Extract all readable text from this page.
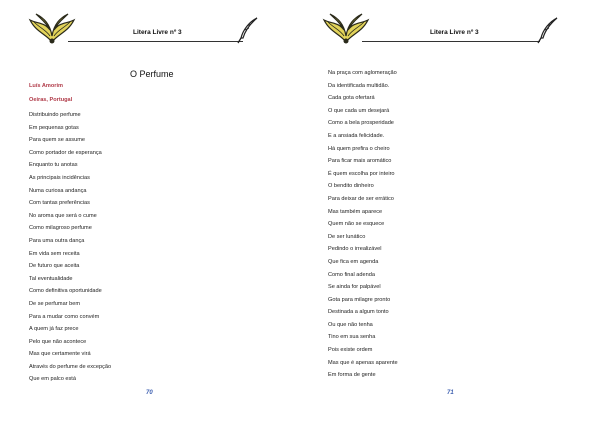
Litera Livre nº 3
O Perfume
Luís Amorim
Oeiras, Portugal
Distribuindo perfume
Em pequenas gotas
Para quem se assume
Como portador de esperança
Enquanto tu anotas
As principais incidências
Numa curiosa andança
Com tantas preferências
No aroma que será o cume
Como milagroso perfume
Para uma outra dança
Em vida sem receita
De futuro que aceita
Tal eventualidade
Como definitiva oportunidade
De se perfumar bem
Para a mudar como convém
A quem já faz prece
Pelo que não acontece
Mas que certamente virá
Através do perfume de excepção
Que em palco está
70
Litera Livre nº 3
Na praça com aglomeração
Da identificada multidão.
Cada gota ofertará
O que cada um desejará
Como a bela prosperidade
E a ansiada felicidade.
Há quem prefira o cheiro
Para ficar mais aromático
É quem escolha por inteiro
O bendito dinheiro
Para deixar de ser errático
Mas também aparece
Quem não se esquece
De ser lunático
Pedindo o irrealizável
Que fica em agenda
Como final adenda
Se ainda for palpável
Gota para milagre pronto
Destinada a algum tonto
Ou que não tenha
Tino em sua senha
Pois existe ordem
Mas que é apenas aparente
Em forma de gente
71
